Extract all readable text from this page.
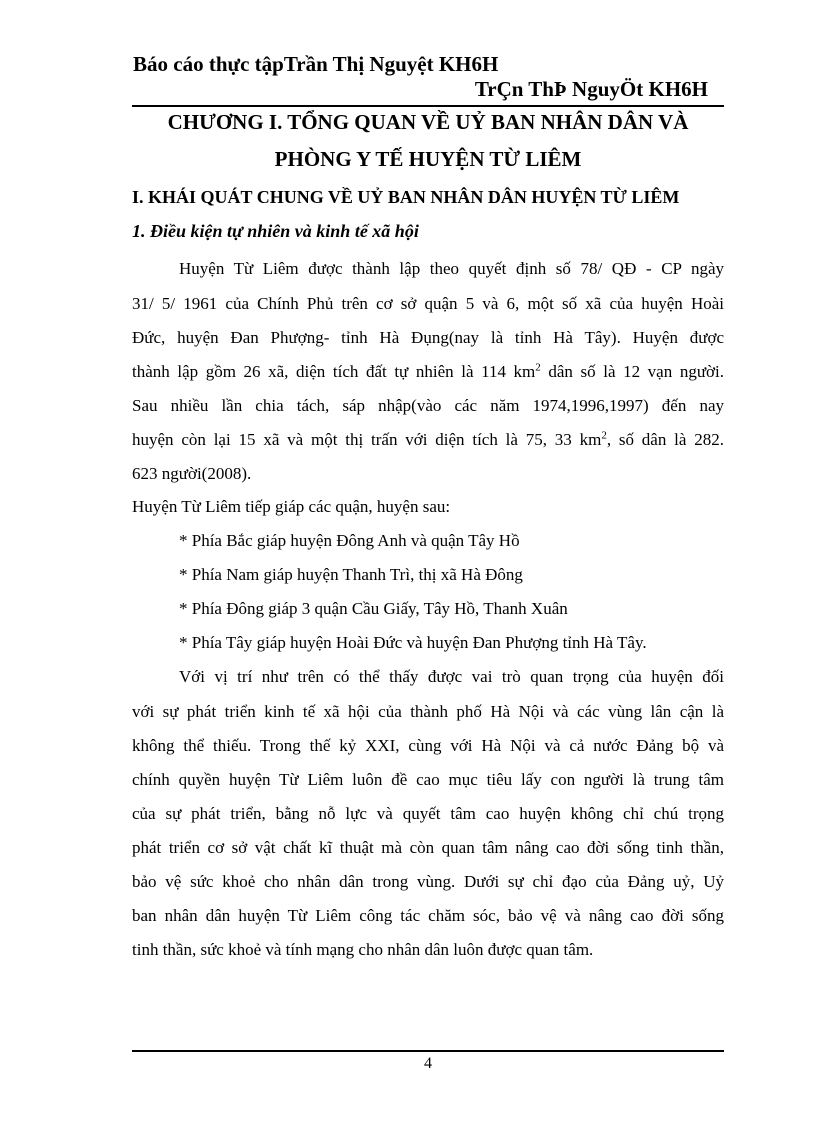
Báo cáo thực tậpTrần Thị Nguyệt KH6H
TrÇn ThÞ NguyÖt KH6H
CHƯƠNG I. TỔNG QUAN VỀ UỶ BAN NHÂN DÂN VÀ
PHÒNG Y TẾ HUYỆN TỪ LIÊM
I. KHÁI QUÁT CHUNG VỀ UỶ BAN NHÂN DÂN HUYỆN TỪ LIÊM
1. Điều kiện tự nhiên và kinh tế xã hội
Huyện Từ Liêm được thành lập theo quyết định số 78/ QĐ - CP ngày
31/ 5/ 1961 của Chính Phủ trên cơ sở quận 5 và 6, một số xã của huyện Hoài
Đức, huyện Đan Phượng- tỉnh Hà Đụng(nay là tỉnh Hà Tây). Huyện được
thành lập gồm 26 xã, diện tích đất tự nhiên là 114 $km^2$ dân số là 12 vạn người.
Sau nhiều lần chia tách, sáp nhập(vào các năm 1974,1996,1997) đến nay
huyện còn lại 15 xã và một thị trấn với diện tích là 75, 33 $km^2$, số dân là 282.
623 người(2008).
Huyện Từ Liêm tiếp giáp các quận, huyện sau:
* Phía Bắc giáp huyện Đông Anh và quận Tây Hồ
* Phía Nam giáp huyện Thanh Trì, thị xã Hà Đông
* Phía Đông giáp 3 quận Cầu Giấy, Tây Hồ, Thanh Xuân
* Phía Tây giáp huyện Hoài Đức và huyện Đan Phượng tỉnh Hà Tây.
Với vị trí như trên có thể thấy được vai trò quan trọng của huyện đối
với sự phát triển kinh tế xã hội của thành phố Hà Nội và các vùng lân cận là
không thể thiếu. Trong thế kỷ XXI, cùng với Hà Nội và cả nước Đảng bộ và
chính quyền huyện Từ Liêm luôn đề cao mục tiêu lấy con người là trung tâm
của sự phát triển, bằng nỗ lực và quyết tâm cao huyện không chỉ chú trọng
phát triển cơ sở vật chất kĩ thuật mà còn quan tâm nâng cao đời sống tinh thần,
bảo vệ sức khoẻ cho nhân dân trong vùng. Dưới sự chỉ đạo của Đảng uỷ, Uỷ
ban nhân dân huyện Từ Liêm công tác chăm sóc, bảo vệ và nâng cao đời sống
tinh thần, sức khoẻ và tính mạng cho nhân dân luôn được quan tâm.
4
